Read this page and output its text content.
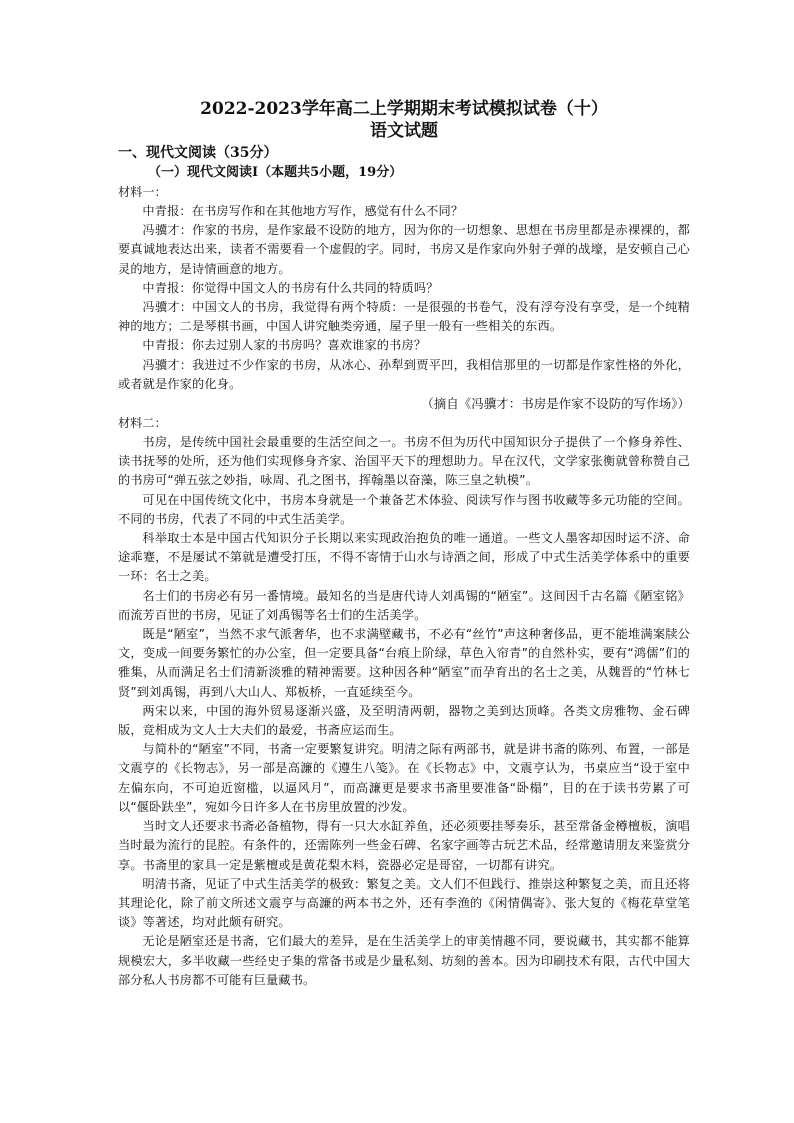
2022-2023学年高二上学期期末考试模拟试卷（十）
语文试题
一、现代文阅读（35分）
（一）现代文阅读Ⅰ（本题共5小题，19分）
材料一：

中青报：在书房写作和在其他地方写作，感觉有什么不同？

冯骥才：作家的书房，是作家最不设防的地方，因为你的一切想象、思想在书房里都是赤裸裸的，都要真诚地表达出来，读者不需要看一个虚假的字。同时，书房又是作家向外射子弹的战壕，是安顿自己心灵的地方，是诗情画意的地方。

中青报：你觉得中国文人的书房有什么共同的特质吗？

冯骥才：中国文人的书房，我觉得有两个特质：一是很强的书卷气，没有浮夸没有享受，是一个纯精神的地方；二是琴棋书画，中国人讲究触类旁通，屋子里一般有一些相关的东西。

中青报：你去过别人家的书房吗？喜欢谁家的书房？

冯骥才：我进过不少作家的书房，从冰心、孙犁到贾平凹，我相信那里的一切都是作家性格的外化，或者就是作家的化身。

（摘自《冯骥才：书房是作家不设防的写作场》）
材料二：

书房，是传统中国社会最重要的生活空间之一。书房不但为历代中国知识分子提供了一个修身养性、读书抚琴的处所，还为他们实现修身齐家、治国平天下的理想助力。早在汉代，文学家张衡就曾称赞自己的书房可“弹五弦之妙指，咏周、孔之图书，挥翰墨以奋藻，陈三皇之轨模”。

可见在中国传统文化中，书房本身就是一个兼备艺术体验、阅读写作与图书收藏等多元功能的空间。不同的书房，代表了不同的中式生活美学。

科举取士本是中国古代知识分子长期以来实现政治抱负的唯一通道。一些文人墨客却因时运不济、命途乖蹇，不是屡试不第就是遭受打压，不得不寄情于山水与诗酒之间，形成了中式生活美学体系中的重要一环：名士之美。

名士们的书房必有另一番情境。最知名的当是唐代诗人刘禹锡的“陋室”。这间因千古名篇《陋室铭》而流芳百世的书房，见证了刘禹锡等名士们的生活美学。

既是“陋室”，当然不求气派奢华，也不求满壁藏书，不必有“丝竹”声这种奢侈品，更不能堆满案牍公文，变成一间要务繁忙的办公室，但一定要具备“台痕上阶绿，草色入帘青”的自然朴实，要有“鸿儒”们的雅集，从而满足名士们清新淡雅的精神需要。这种因各种“陋室”而孕育出的名士之美，从魏晋的“竹林七贤”到刘禹锡，再到八大山人、郑板桥，一直延续至今。

两宋以来，中国的海外贸易逐渐兴盛，及至明清两朝，器物之美到达顶峰。各类文房雅物、金石碑版，竞相成为文人士大夫们的最爱，书斋应运而生。

与简朴的“陋室”不同，书斋一定要繁复讲究。明清之际有两部书，就是讲书斋的陈列、布置，一部是文震亨的《长物志》，另一部是高濂的《遵生八笺》。在《长物志》中，文震亨认为，书桌应当“设于室中左偏东向，不可迫近窗槛，以逼风月”，而高濂更是要求书斋里要准备“卧榻”，目的在于读书劳累了可以“偃卧趺坐”，宛如今日许多人在书房里放置的沙发。

当时文人还要求书斋必备植物，得有一只大水缸养鱼，还必须要挂琴奏乐，甚至常备金樽檀板，演唱当时最为流行的昆腔。有条件的，还需陈列一些金石碑、名家字画等古玩艺术品，经常邀请朋友来鉴赏分享。书斋里的家具一定是紫檀或是黄花梨木料，瓷器必定是哥窑，一切都有讲究。

明清书斋，见证了中式生活美学的极致：繁复之美。文人们不但践行、推崇这种繁复之美，而且还将其理论化，除了前文所述文震亨与高濂的两本书之外，还有李渔的《闲情偶寄》、张大复的《梅花草堂笔谈》等著述，均对此颇有研究。

无论是陋室还是书斋，它们最大的差异，是在生活美学上的审美情趣不同，要说藏书，其实都不能算规模宏大，多半收藏一些经史子集的常备书或是少量私刻、坊刻的善本。因为印刷技术有限，古代中国大部分私人书房都不可能有巨量藏书。
